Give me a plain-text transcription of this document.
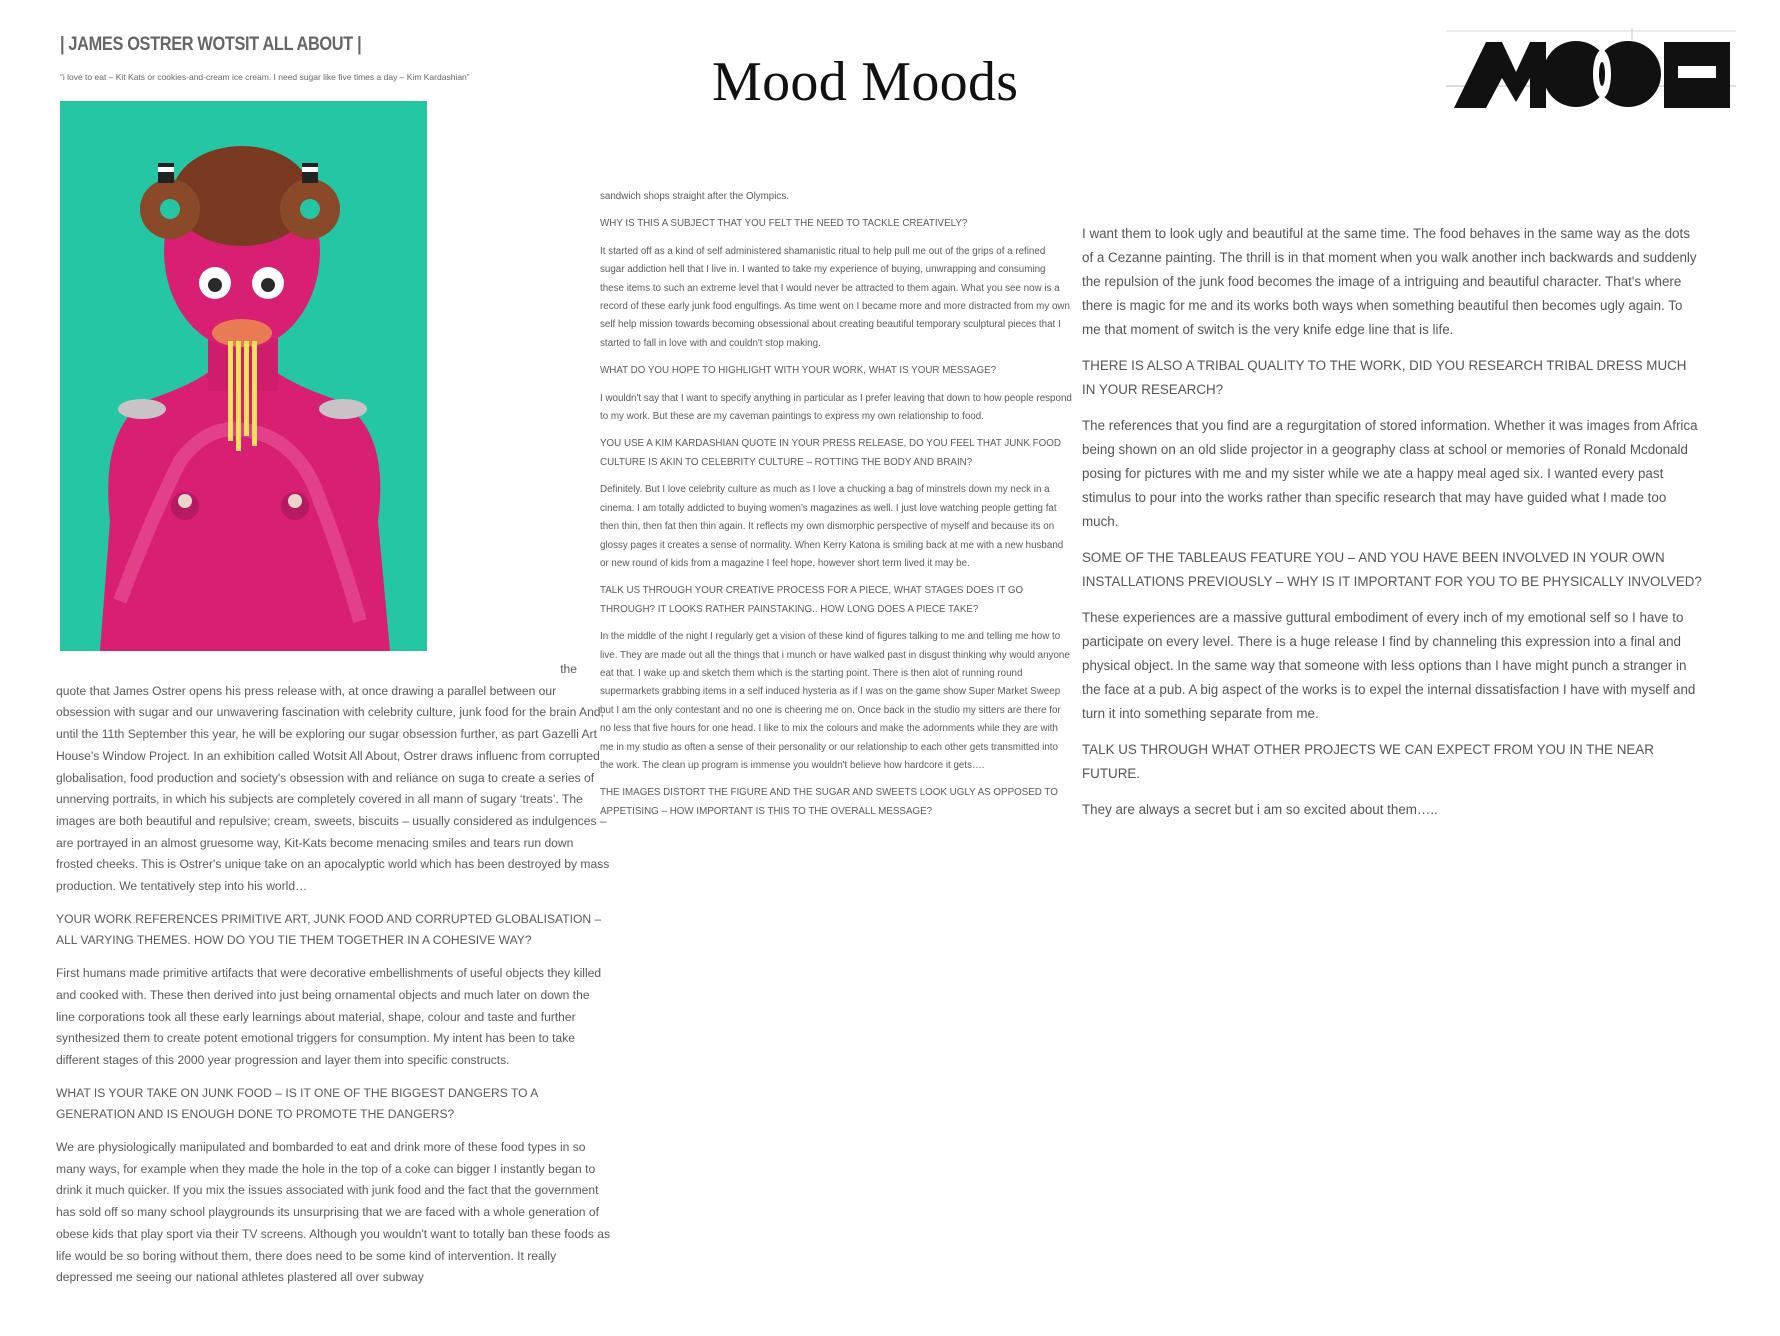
| JAMES OSTRER WOTSIT ALL ABOUT |
“i love to eat – Kit Kats or cookies-and-cream ice cream. I need sugar like five times a day – Kim Kardashian”	Mood Moods
the

quote that James Ostrer opens his press release with, at once drawing a parallel between our obsession with sugar and our unwavering fascination with celebrity culture, junk food for the brain And, until the 11th September this year, he will be exploring our sugar obsession further, as part Gazelli Art House's Window Project. In an exhibition called Wotsit All About, Ostrer draws influenc from corrupted globalisation, food production and society's obsession with and reliance on suga to create a series of unnerving portraits, in which his subjects are completely covered in all mann of sugary ‘treats’. The images are both beautiful and repulsive; cream, sweets, biscuits – usually considered as indulgences – are portrayed in an almost gruesome way, Kit-Kats become menacing smiles and tears run down frosted cheeks. This is Ostrer's unique take on an apocalyptic world which has been destroyed by mass production. We tentatively step into his world…

YOUR WORK REFERENCES PRIMITIVE ART, JUNK FOOD AND CORRUPTED GLOBALISATION – ALL VARYING THEMES. HOW DO YOU TIE THEM TOGETHER IN A COHESIVE WAY?

First humans made primitive artifacts that were decorative embellishments of useful objects they killed and cooked with. These then derived into just being ornamental objects and much later on down the line corporations took all these early learnings about material, shape, colour and taste and further synthesized them to create potent emotional triggers for consumption. My intent has been to take different stages of this 2000 year progression and layer them into specific constructs.

WHAT IS YOUR TAKE ON JUNK FOOD – IS IT ONE OF THE BIGGEST DANGERS TO A GENERATION AND IS ENOUGH DONE TO PROMOTE THE DANGERS?

We are physiologically manipulated and bombarded to eat and drink more of these food types in so many ways, for example when they made the hole in the top of a coke can bigger I instantly began to drink it much quicker. If you mix the issues associated with junk food and the fact that the government has sold off so many school playgrounds its unsurprising that we are faced with a whole generation of obese kids that play sport via their TV screens. Although you wouldn't want to totally ban these foods as life would be so boring without them, there does need to be some kind of intervention. It really depressed me seeing our national athletes plastered all over subway

sandwich shops straight after the Olympics.

WHY IS THIS A SUBJECT THAT YOU FELT THE NEED TO TACKLE CREATIVELY?

It started off as a kind of self administered shamanistic ritual to help pull me out of the grips of a refined sugar addiction hell that I live in. I wanted to take my experience of buying, unwrapping and consuming these items to such an extreme level that I would never be attracted to them again. What you see now is a record of these early junk food engulfings. As time went on I became more and more distracted from my own self help mission towards becoming obsessional about creating beautiful temporary sculptural pieces that I started to fall in love with and couldn't stop making.

WHAT DO YOU HOPE TO HIGHLIGHT WITH YOUR WORK, WHAT IS YOUR MESSAGE?

I wouldn't say that I want to specify anything in particular as I prefer leaving that down to how people respond to my work. But these are my caveman paintings to express my own relationship to food.

YOU USE A KIM KARDASHIAN QUOTE IN YOUR PRESS RELEASE, DO YOU FEEL THAT JUNK FOOD CULTURE IS AKIN TO CELEBRITY CULTURE – ROTTING THE BODY AND BRAIN?

Definitely. But I love celebrity culture as much as I love a chucking a bag of minstrels down my neck in a cinema. I am totally addicted to buying women's magazines as well. I just love watching people getting fat then thin, then fat then thin again. It reflects my own dismorphic perspective of myself and because its on glossy pages it creates a sense of normality. When Kerry Katona is smiling back at me with a new husband or new round of kids from a magazine I feel hope, however short term lived it may be.

TALK US THROUGH YOUR CREATIVE PROCESS FOR A PIECE, WHAT STAGES DOES IT GO THROUGH? IT LOOKS RATHER PAINSTAKING.. HOW LONG DOES A PIECE TAKE?

In the middle of the night I regularly get a vision of these kind of figures talking to me and telling me how to live. They are made out all the things that i munch or have walked past in disgust thinking why would anyone eat that. I wake up and sketch them which is the starting point. There is then alot of running round supermarkets grabbing items in a self induced hysteria as if I was on the game show Super Market Sweep but I am the only contestant and no one is cheering me on. Once back in the studio my sitters are there for no less that five hours for one head. I like to mix the colours and make the adornments while they are with me in my studio as often a sense of their personality or our relationship to each other gets transmitted into the work. The clean up program is immense you wouldn't believe how hardcore it gets….

THE IMAGES DISTORT THE FIGURE AND THE SUGAR AND SWEETS LOOK UGLY AS OPPOSED TO APPETISING – HOW IMPORTANT IS THIS TO THE OVERALL MESSAGE?

I want them to look ugly and beautiful at the same time. The food behaves in the same way as the dots of a Cezanne painting. The thrill is in that moment when you walk another inch backwards and suddenly the repulsion of the junk food becomes the image of a intriguing and beautiful character. That's where there is magic for me and its works both ways when something beautiful then becomes ugly again. To me that moment of switch is the very knife edge line that is life.

THERE IS ALSO A TRIBAL QUALITY TO THE WORK, DID YOU RESEARCH TRIBAL DRESS MUCH IN YOUR RESEARCH?

The references that you find are a regurgitation of stored information. Whether it was images from Africa being shown on an old slide projector in a geography class at school or memories of Ronald Mcdonald posing for pictures with me and my sister while we ate a happy meal aged six. I wanted every past stimulus to pour into the works rather than specific research that may have guided what I made too much.

SOME OF THE TABLEAUS FEATURE YOU – AND YOU HAVE BEEN INVOLVED IN YOUR OWN INSTALLATIONS PREVIOUSLY – WHY IS IT IMPORTANT FOR YOU TO BE PHYSICALLY INVOLVED?

These experiences are a massive guttural embodiment of every inch of my emotional self so I have to participate on every level. There is a huge release I find by channeling this expression into a final and physical object. In the same way that someone with less options than I have might punch a stranger in the face at a pub. A big aspect of the works is to expel the internal dissatisfaction I have with myself and turn it into something separate from me.

TALK US THROUGH WHAT OTHER PROJECTS WE CAN EXPECT FROM YOU IN THE NEAR FUTURE.

They are always a secret but i am so excited about them…..
